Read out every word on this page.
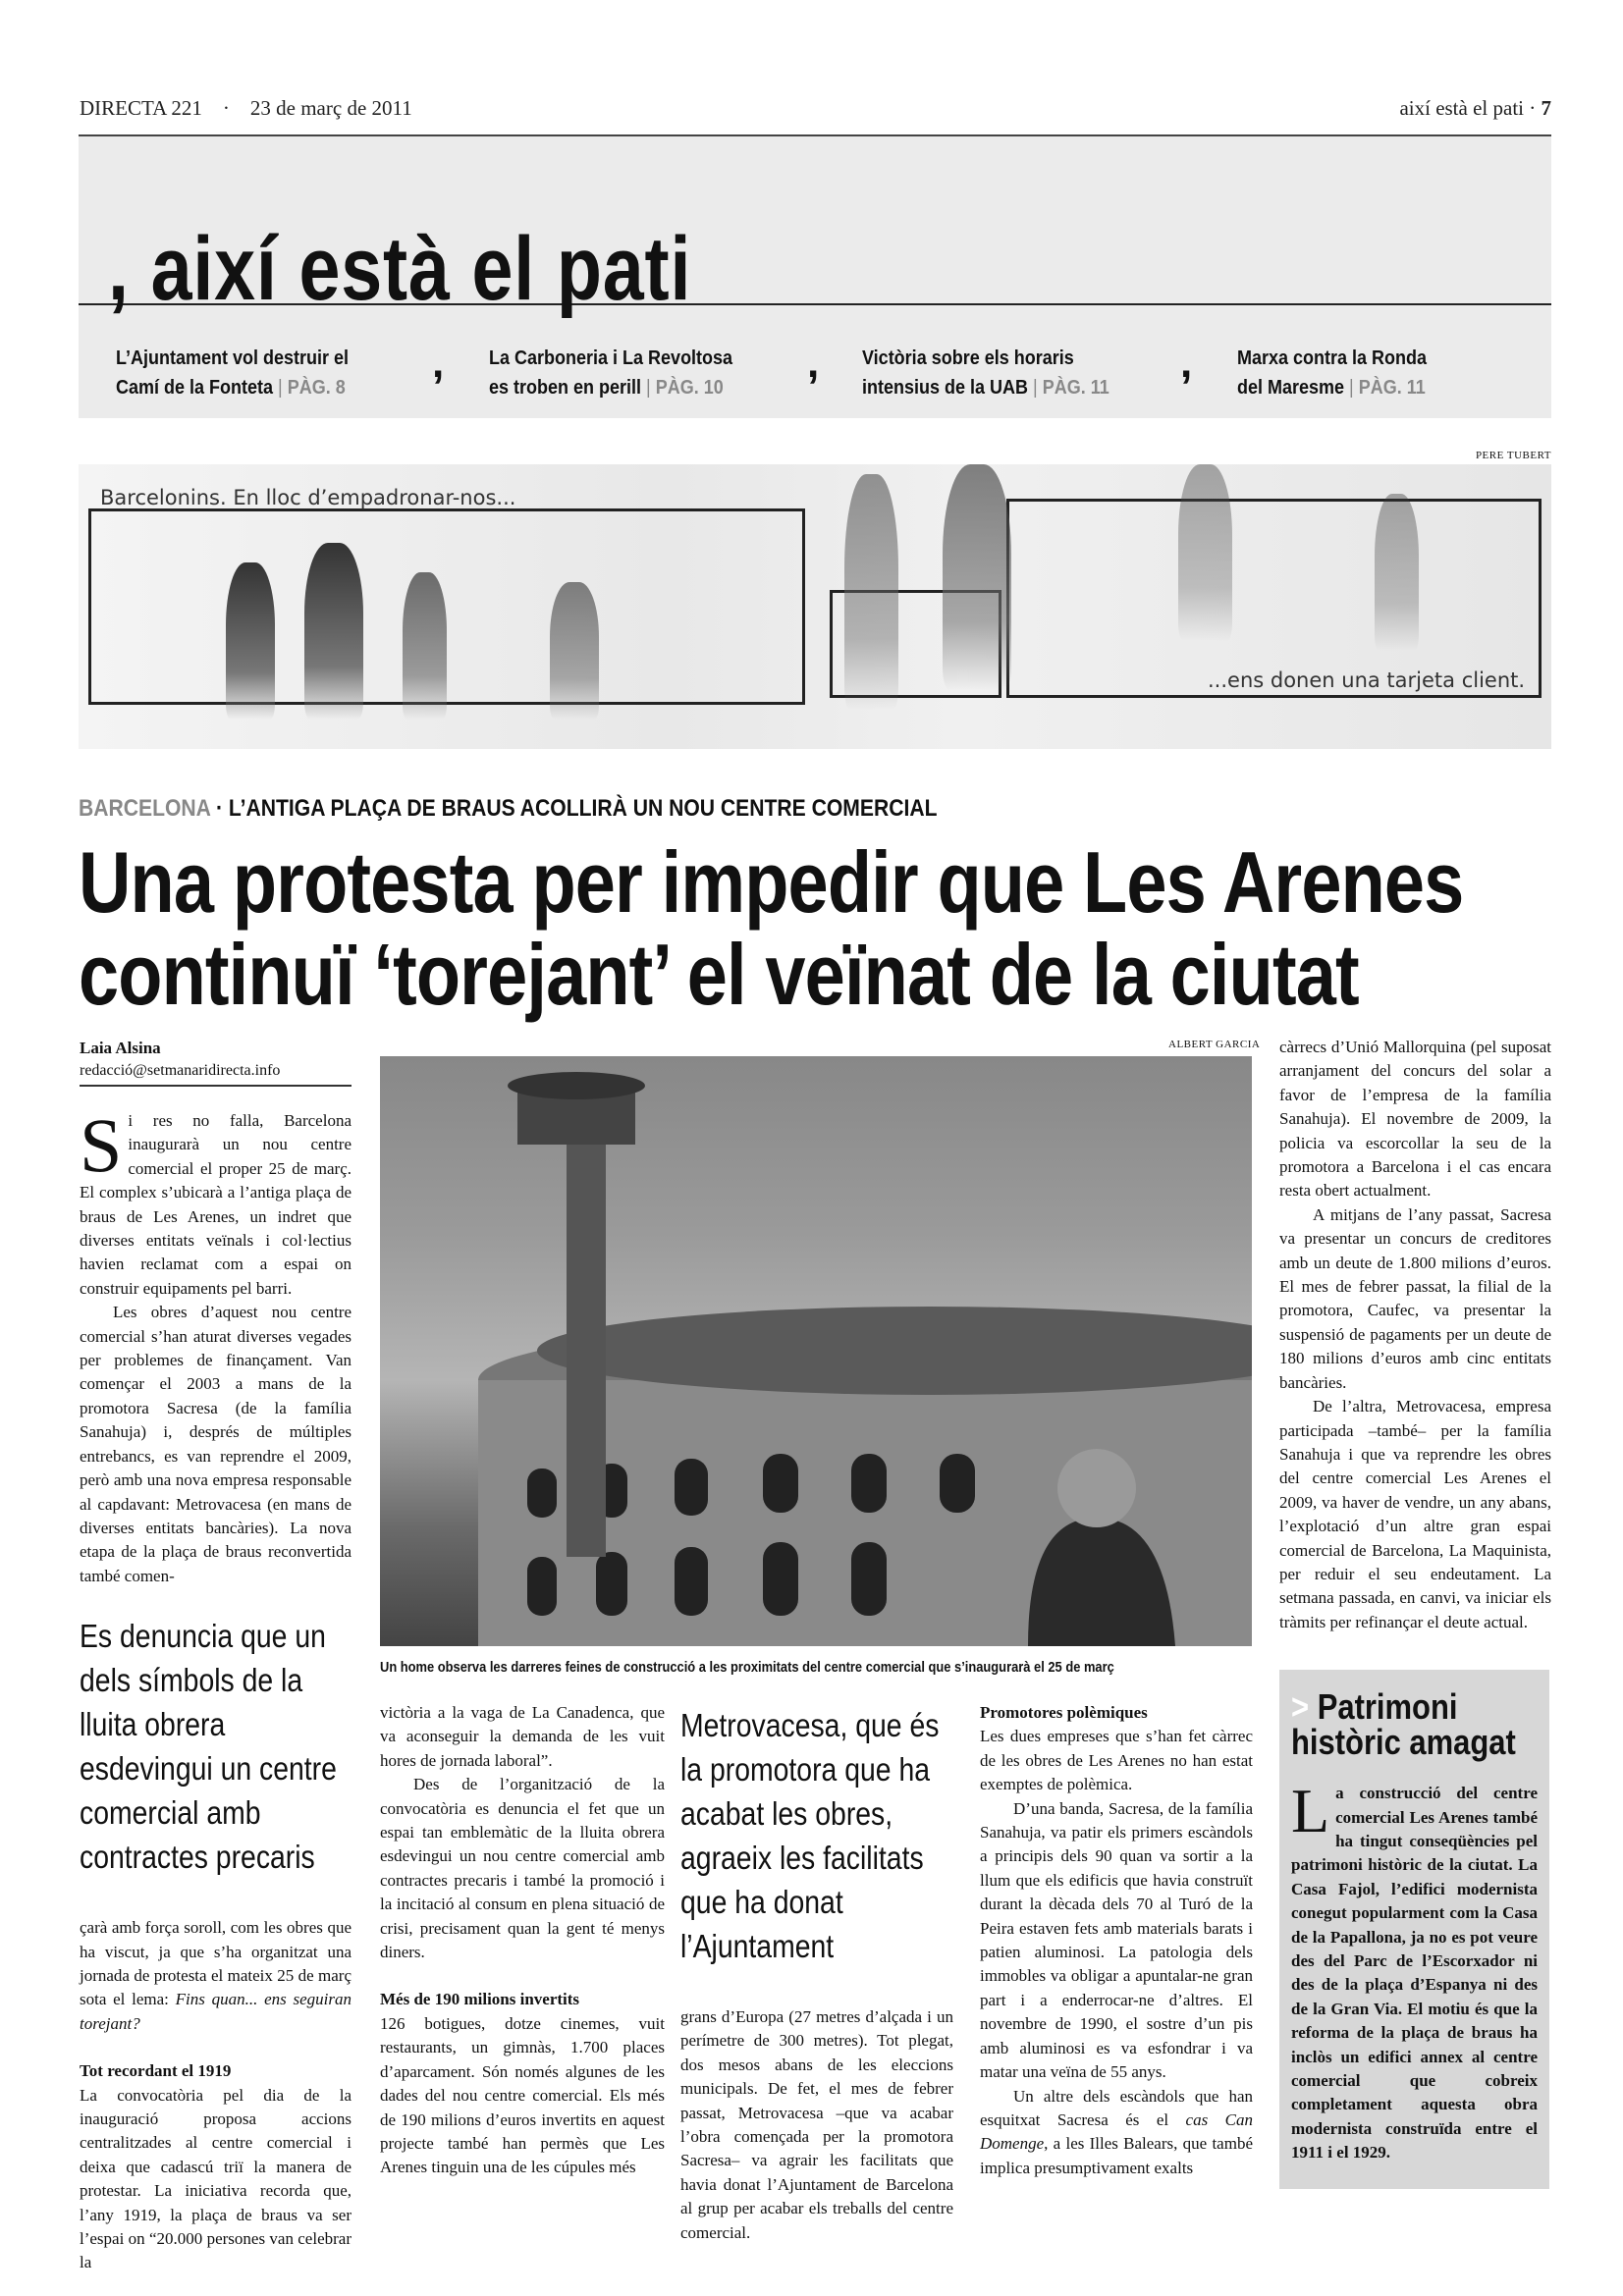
DIRECTA 221 · 23 de març de 2011	així està el pati · 7
, així està el pati
L’Ajuntament vol destruir el
Camí de la Fonteta | PÀG. 8
, La Carboneria i La Revoltosa
es troben en perill | PÀG. 10
, Victòria sobre els horaris
intensius de la UAB | PÀG. 11
, Marxa contra la Ronda
del Maresme | PÀG. 11
PERE TUBERT
Barcelonins. En lloc d’empadronar-nos...
...ens donen una tarjeta client.
BARCELONA · L’ANTIGA PLAÇA DE BRAUS ACOLLIRÀ UN NOU CENTRE COMERCIAL
Una protesta per impedir que Les Arenes
continuï ‘torejant’ el veïnat de la ciutat
Laia Alsina
redacció@setmanaridirecta.info

Si res no falla, Barcelona inaugurarà un nou centre comercial el proper 25 de març. El complex s’ubicarà a l’antiga plaça de braus de Les Arenes, un indret que diverses entitats veïnals i col·lectius havien reclamat com a espai on construir equipaments pel barri.

Les obres d’aquest nou centre comercial s’han aturat diverses vegades per problemes de finançament. Van començar el 2003 a mans de la promotora Sacresa (de la família Sanahuja) i, després de múltiples entrebancs, es van reprendre el 2009, però amb una nova empresa responsable al capdavant: Metrovacesa (en mans de diverses entitats bancàries). La nova etapa de la plaça de braus reconvertida també comen-

Es denuncia que un dels símbols de la lluita obrera esdevingui un centre comercial amb contractes precaris

çarà amb força soroll, com les obres que ha viscut, ja que s’ha organitzat una jornada de protesta el mateix 25 de març sota el lema: Fins quan... ens seguiran torejant?

Tot recordant el 1919

La convocatòria pel dia de la inauguració proposa accions centralitzades al centre comercial i deixa que cadascú triï la manera de protestar. La iniciativa recorda que, l’any 1919, la plaça de braus va ser l’espai on “20.000 persones van celebrar la

ALBERT GARCIA
Un home observa les darreres feines de construcció a les proximitats del centre comercial que s’inaugurarà el 25 de març

victòria a la vaga de La Canadenca, que va aconseguir la demanda de les vuit hores de jornada laboral”.

Des de l’organització de la convocatòria es denuncia el fet que un espai tan emblemàtic de la lluita obrera esdevingui un nou centre comercial amb contractes precaris i també la promoció i la incitació al consum en plena situació de crisi, precisament quan la gent té menys diners.

Més de 190 milions invertits

126 botigues, dotze cinemes, vuit restaurants, un gimnàs, 1.700 places d’aparcament. Són només algunes de les dades del nou centre comercial. Els més de 190 milions d’euros invertits en aquest projecte també han permès que Les Arenes tinguin una de les cúpules més

Metrovacesa, que és la promotora que ha acabat les obres, agraeix les facilitats que ha donat l’Ajuntament

grans d’Europa (27 metres d’alçada i un perímetre de 300 metres). Tot plegat, dos mesos abans de les eleccions municipals. De fet, el mes de febrer passat, Metrovacesa –que va acabar l’obra començada per la promotora Sacresa– va agrair les facilitats que havia donat l’Ajuntament de Barcelona al grup per acabar els treballs del centre comercial.

Promotores polèmiques

Les dues empreses que s’han fet càrrec de les obres de Les Arenes no han estat exemptes de polèmica.

D’una banda, Sacresa, de la família Sanahuja, va patir els primers escàndols a principis dels 90 quan va sortir a la llum que els edificis que havia construït durant la dècada dels 70 al Turó de la Peira estaven fets amb materials barats i patien aluminosi. La patologia dels immobles va obligar a apuntalar-ne gran part i a enderrocar-ne d’altres. El novembre de 1990, el sostre d’un pis amb aluminosi es va esfondrar i va matar una veïna de 55 anys.

Un altre dels escàndols que han esquitxat Sacresa és el cas Can Domenge, a les Illes Balears, que també implica presumptivament exalts

càrrecs d’Unió Mallorquina (pel suposat arranjament del concurs del solar a favor de l’empresa de la família Sanahuja). El novembre de 2009, la policia va escorcollar la seu de la promotora a Barcelona i el cas encara resta obert actualment.

A mitjans de l’any passat, Sacresa va presentar un concurs de creditores amb un deute de 1.800 milions d’euros. El mes de febrer passat, la filial de la promotora, Caufec, va presentar la suspensió de pagaments per un deute de 180 milions d’euros amb cinc entitats bancàries.

De l’altra, Metrovacesa, empresa participada –també– per la família Sanahuja i que va reprendre les obres del centre comercial Les Arenes el 2009, va haver de vendre, un any abans, l’explotació d’un altre gran espai comercial de Barcelona, La Maquinista, per reduir el seu endeutament. La setmana passada, en canvi, va iniciar els tràmits per refinançar el deute actual.

> Patrimoni
històric amagat

La construcció del centre comercial Les Arenes també ha tingut conseqüències pel patrimoni històric de la ciutat. La Casa Fajol, l’edifici modernista conegut popularment com la Casa de la Papallona, ja no es pot veure des del Parc de l’Escorxador ni des de la plaça d’Espanya ni des de la Gran Via. El motiu és que la reforma de la plaça de braus ha inclòs un edifici annex al centre comercial que cobreix completament aquesta obra modernista construïda entre el 1911 i el 1929.
